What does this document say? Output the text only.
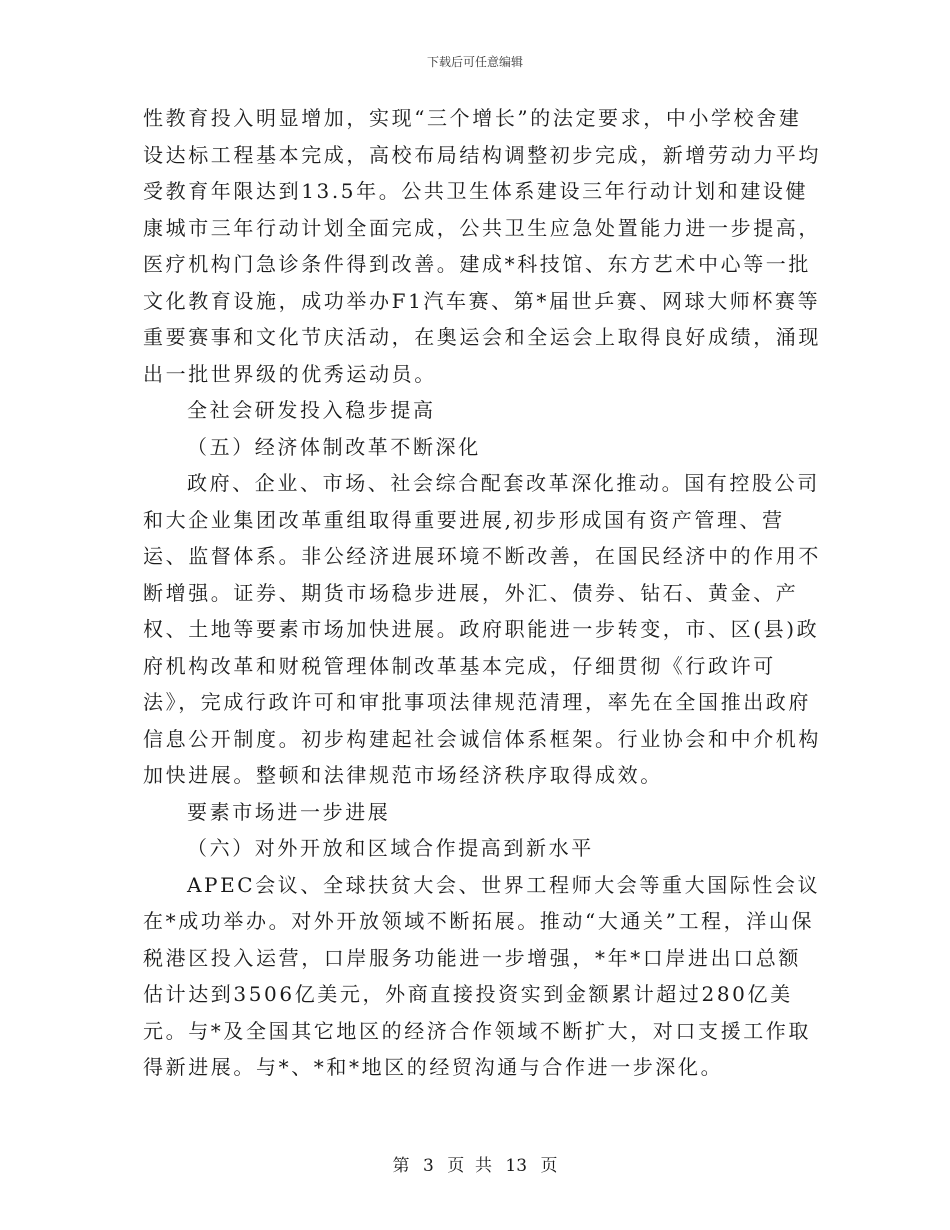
下载后可任意编辑

性教育投入明显增加，实现“三个增长”的法定要求，中小学校舍建设达标工程基本完成，高校布局结构调整初步完成，新增劳动力平均受教育年限达到13.5年。公共卫生体系建设三年行动计划和建设健康城市三年行动计划全面完成，公共卫生应急处置能力进一步提高，医疗机构门急诊条件得到改善。建成*科技馆、东方艺术中心等一批文化教育设施，成功举办F1汽车赛、第*届世乒赛、网球大师杯赛等重要赛事和文化节庆活动，在奥运会和全运会上取得良好成绩，涌现出一批世界级的优秀运动员。

全社会研发投入稳步提高

（五）经济体制改革不断深化

政府、企业、市场、社会综合配套改革深化推动。国有控股公司和大企业集团改革重组取得重要进展,初步形成国有资产管理、营运、监督体系。非公经济进展环境不断改善，在国民经济中的作用不断增强。证券、期货市场稳步进展，外汇、债券、钻石、黄金、产权、土地等要素市场加快进展。政府职能进一步转变，市、区(县)政府机构改革和财税管理体制改革基本完成，仔细贯彻《行政许可法》，完成行政许可和审批事项法律规范清理，率先在全国推出政府信息公开制度。初步构建起社会诚信体系框架。行业协会和中介机构加快进展。整顿和法律规范市场经济秩序取得成效。

要素市场进一步进展

（六）对外开放和区域合作提高到新水平

APEC会议、全球扶贫大会、世界工程师大会等重大国际性会议在*成功举办。对外开放领域不断拓展。推动“大通关”工程，洋山保税港区投入运营，口岸服务功能进一步增强，*年*口岸进出口总额估计达到3506亿美元，外商直接投资实到金额累计超过280亿美元。与*及全国其它地区的经济合作领域不断扩大，对口支援工作取得新进展。与*、*和*地区的经贸沟通与合作进一步深化。

第 3 页  共 13 页
